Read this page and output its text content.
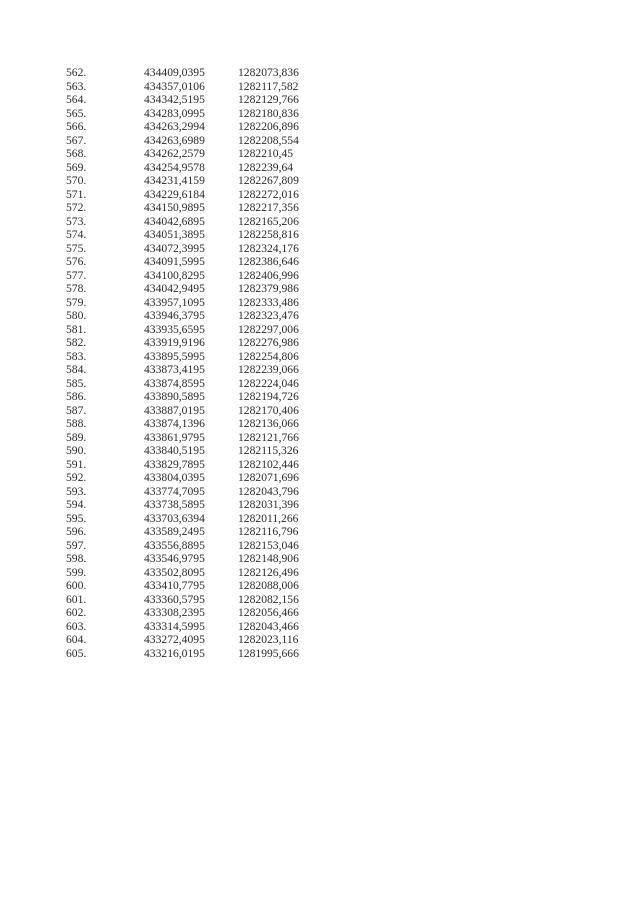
562.	434409,0395	1282073,836
563.	434357,0106	1282117,582
564.	434342,5195	1282129,766
565.	434283,0995	1282180,836
566.	434263,2994	1282206,896
567.	434263,6989	1282208,554
568.	434262,2579	1282210,45
569.	434254,9578	1282239,64
570.	434231,4159	1282267,809
571.	434229,6184	1282272,016
572.	434150,9895	1282217,356
573.	434042,6895	1282165,206
574.	434051,3895	1282258,816
575.	434072,3995	1282324,176
576.	434091,5995	1282386,646
577.	434100,8295	1282406,996
578.	434042,9495	1282379,986
579.	433957,1095	1282333,486
580.	433946,3795	1282323,476
581.	433935,6595	1282297,006
582.	433919,9196	1282276,986
583.	433895,5995	1282254,806
584.	433873,4195	1282239,066
585.	433874,8595	1282224,046
586.	433890,5895	1282194,726
587.	433887,0195	1282170,406
588.	433874,1396	1282136,066
589.	433861,9795	1282121,766
590.	433840,5195	1282115,326
591.	433829,7895	1282102,446
592.	433804,0395	1282071,696
593.	433774,7095	1282043,796
594.	433738,5895	1282031,396
595.	433703,6394	1282011,266
596.	433589,2495	1282116,796
597.	433556,8895	1282153,046
598.	433546,9795	1282148,906
599.	433502,8095	1282126,496
600.	433410,7795	1282088,006
601.	433360,5795	1282082,156
602.	433308,2395	1282056,466
603.	433314,5995	1282043,466
604.	433272,4095	1282023,116
605.	433216,0195	1281995,666
